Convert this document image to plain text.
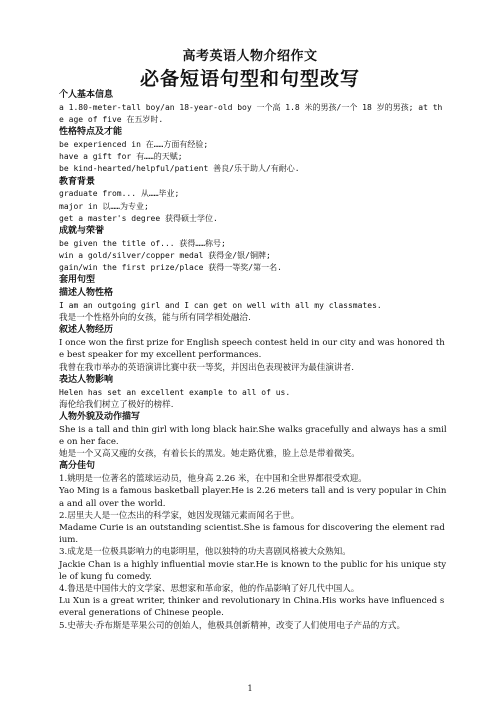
高考英语人物介绍作文
必备短语句型和句型改写
个人基本信息
a 1.80-meter-tall boy/an 18-year-old boy 一个高 1.8 米的男孩/一个 18 岁的男孩; at the age of five 在五岁时.
性格特点及才能
be experienced in 在……方面有经验;
have a gift for 有……的天赋;
be kind-hearted/helpful/patient 善良/乐于助人/有耐心.
教育背景
graduate from... 从……毕业;
major in 以……为专业;
get a master's degree 获得硕士学位.
成就与荣誉
be given the title of... 获得……称号;
win a gold/silver/copper medal 获得金/银/铜牌;
gain/win the first prize/place 获得一等奖/第一名.
套用句型
描述人物性格
I am an outgoing girl and I can get on well with all my classmates.
我是一个性格外向的女孩，能与所有同学相处融洽.
叙述人物经历
I once won the first prize for English speech contest held in our city and was honored the best speaker for my excellent performances.
我曾在我市举办的英语演讲比赛中获一等奖，并因出色表现被评为最佳演讲者.
表达人物影响
Helen has set an excellent example to all of us.
海伦给我们树立了极好的榜样.
人物外貌及动作描写
She is a tall and thin girl with long black hair.She walks gracefully and always has a smile on her face.
她是一个又高又瘦的女孩，有着长长的黑发。她走路优雅，脸上总是带着微笑。
高分佳句
1.姚明是一位著名的篮球运动员，他身高 2.26 米，在中国和全世界都很受欢迎。
Yao Ming is a famous basketball player.He is 2.26 meters tall and is very popular in China and all over the world.
2.居里夫人是一位杰出的科学家，她因发现镭元素而闻名于世。
Madame Curie is an outstanding scientist.She is famous for discovering the element radium.
3.成龙是一位极具影响力的电影明星，他以独特的功夫喜剧风格被大众熟知。
Jackie Chan is a highly influential movie star.He is known to the public for his unique style of kung fu comedy.
4.鲁迅是中国伟大的文学家、思想家和革命家，他的作品影响了好几代中国人。
Lu Xun is a great writer, thinker and revolutionary in China.His works have influenced several generations of Chinese people.
5.史蒂夫·乔布斯是苹果公司的创始人，他极具创新精神，改变了人们使用电子产品的方式。
1
